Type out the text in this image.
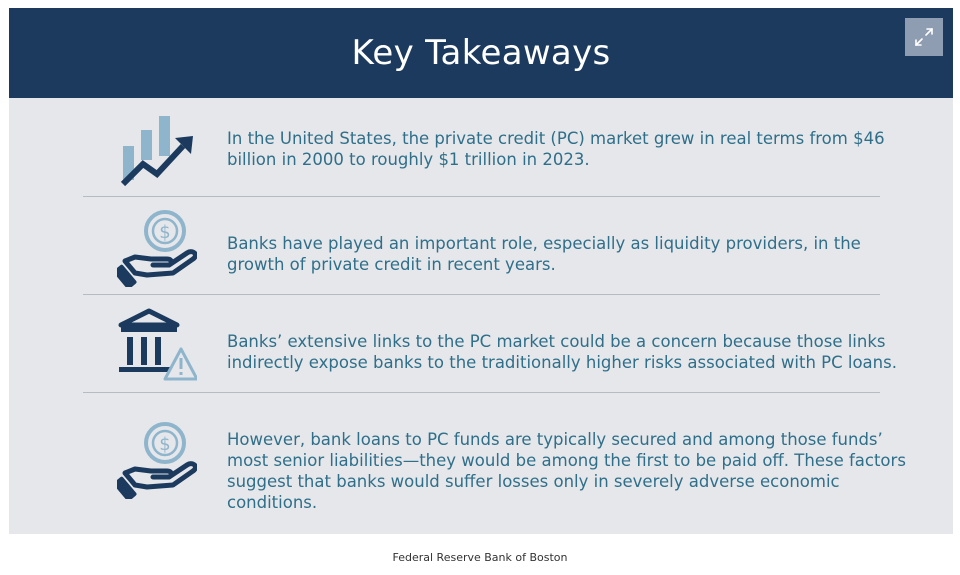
Key Takeaways
In the United States, the private credit (PC) market grew in real terms from $46 billion in 2000 to roughly $1 trillion in 2023.
$
Banks have played an important role, especially as liquidity providers, in the growth of private credit in recent years.
Banks’ extensive links to the PC market could be a concern because those links indirectly expose banks to the traditionally higher risks associated with PC loans.
$	However, bank loans to PC funds are typically secured and among those funds’ most senior liabilities—they would be among the first to be paid off. These factors suggest that banks would suffer losses only in severely adverse economic conditions.
Federal Reserve Bank of Boston
